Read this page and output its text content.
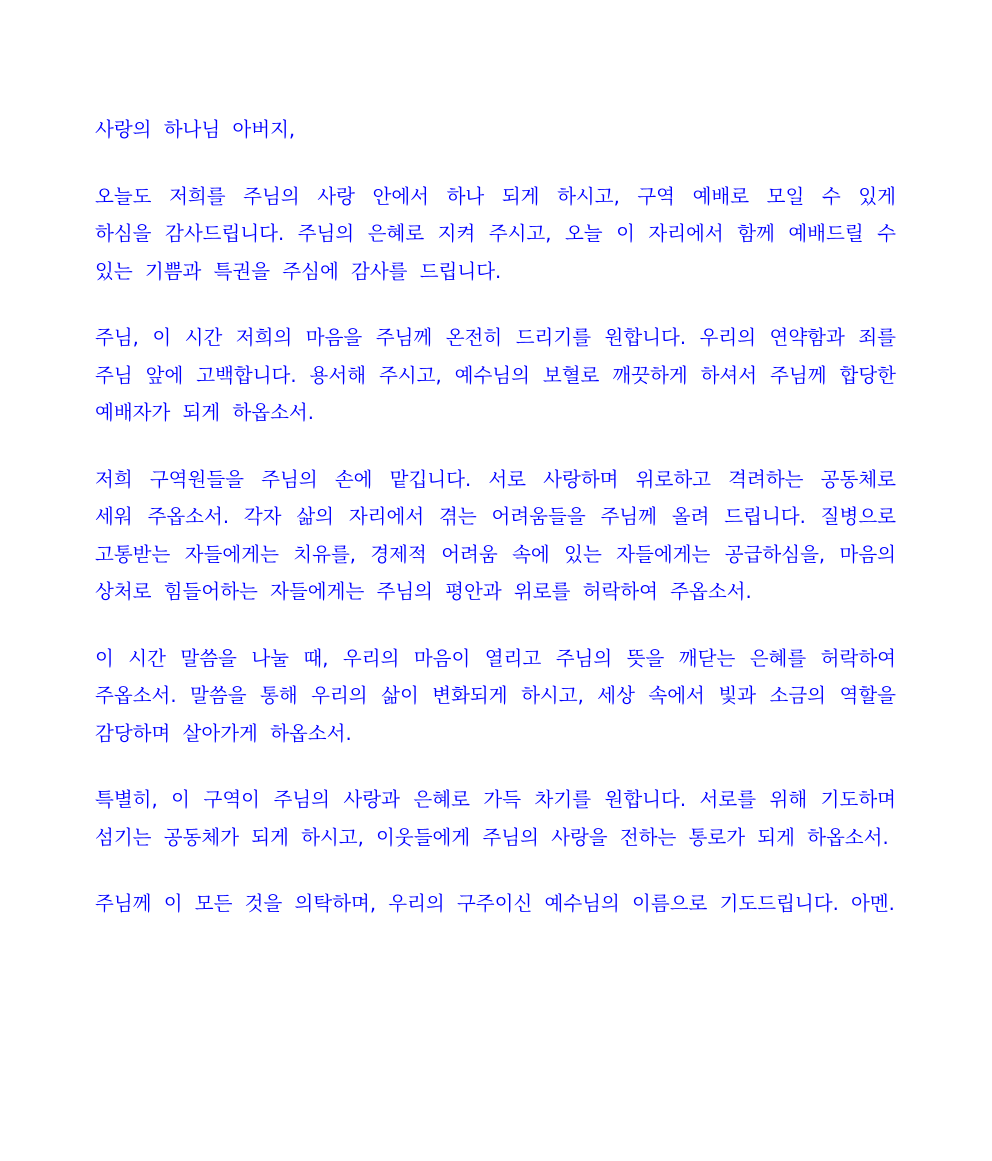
사랑의 하나님 아버지,

오늘도 저희를 주님의 사랑 안에서 하나 되게 하시고, 구역 예배로 모일 수 있게 하심을 감사드립니다. 주님의 은혜로 지켜 주시고, 오늘 이 자리에서 함께 예배드릴 수 있는 기쁨과 특권을 주심에 감사를 드립니다.

주님, 이 시간 저희의 마음을 주님께 온전히 드리기를 원합니다. 우리의 연약함과 죄를 주님 앞에 고백합니다. 용서해 주시고, 예수님의 보혈로 깨끗하게 하셔서 주님께 합당한 예배자가 되게 하옵소서.

저희 구역원들을 주님의 손에 맡깁니다. 서로 사랑하며 위로하고 격려하는 공동체로 세워 주옵소서. 각자 삶의 자리에서 겪는 어려움들을 주님께 올려 드립니다. 질병으로 고통받는 자들에게는 치유를, 경제적 어려움 속에 있는 자들에게는 공급하심을, 마음의 상처로 힘들어하는 자들에게는 주님의 평안과 위로를 허락하여 주옵소서.

이 시간 말씀을 나눌 때, 우리의 마음이 열리고 주님의 뜻을 깨닫는 은혜를 허락하여 주옵소서. 말씀을 통해 우리의 삶이 변화되게 하시고, 세상 속에서 빛과 소금의 역할을 감당하며 살아가게 하옵소서.

특별히, 이 구역이 주님의 사랑과 은혜로 가득 차기를 원합니다. 서로를 위해 기도하며 섬기는 공동체가 되게 하시고, 이웃들에게 주님의 사랑을 전하는 통로가 되게 하옵소서.

주님께 이 모든 것을 의탁하며, 우리의 구주이신 예수님의 이름으로 기도드립니다. 아멘.
